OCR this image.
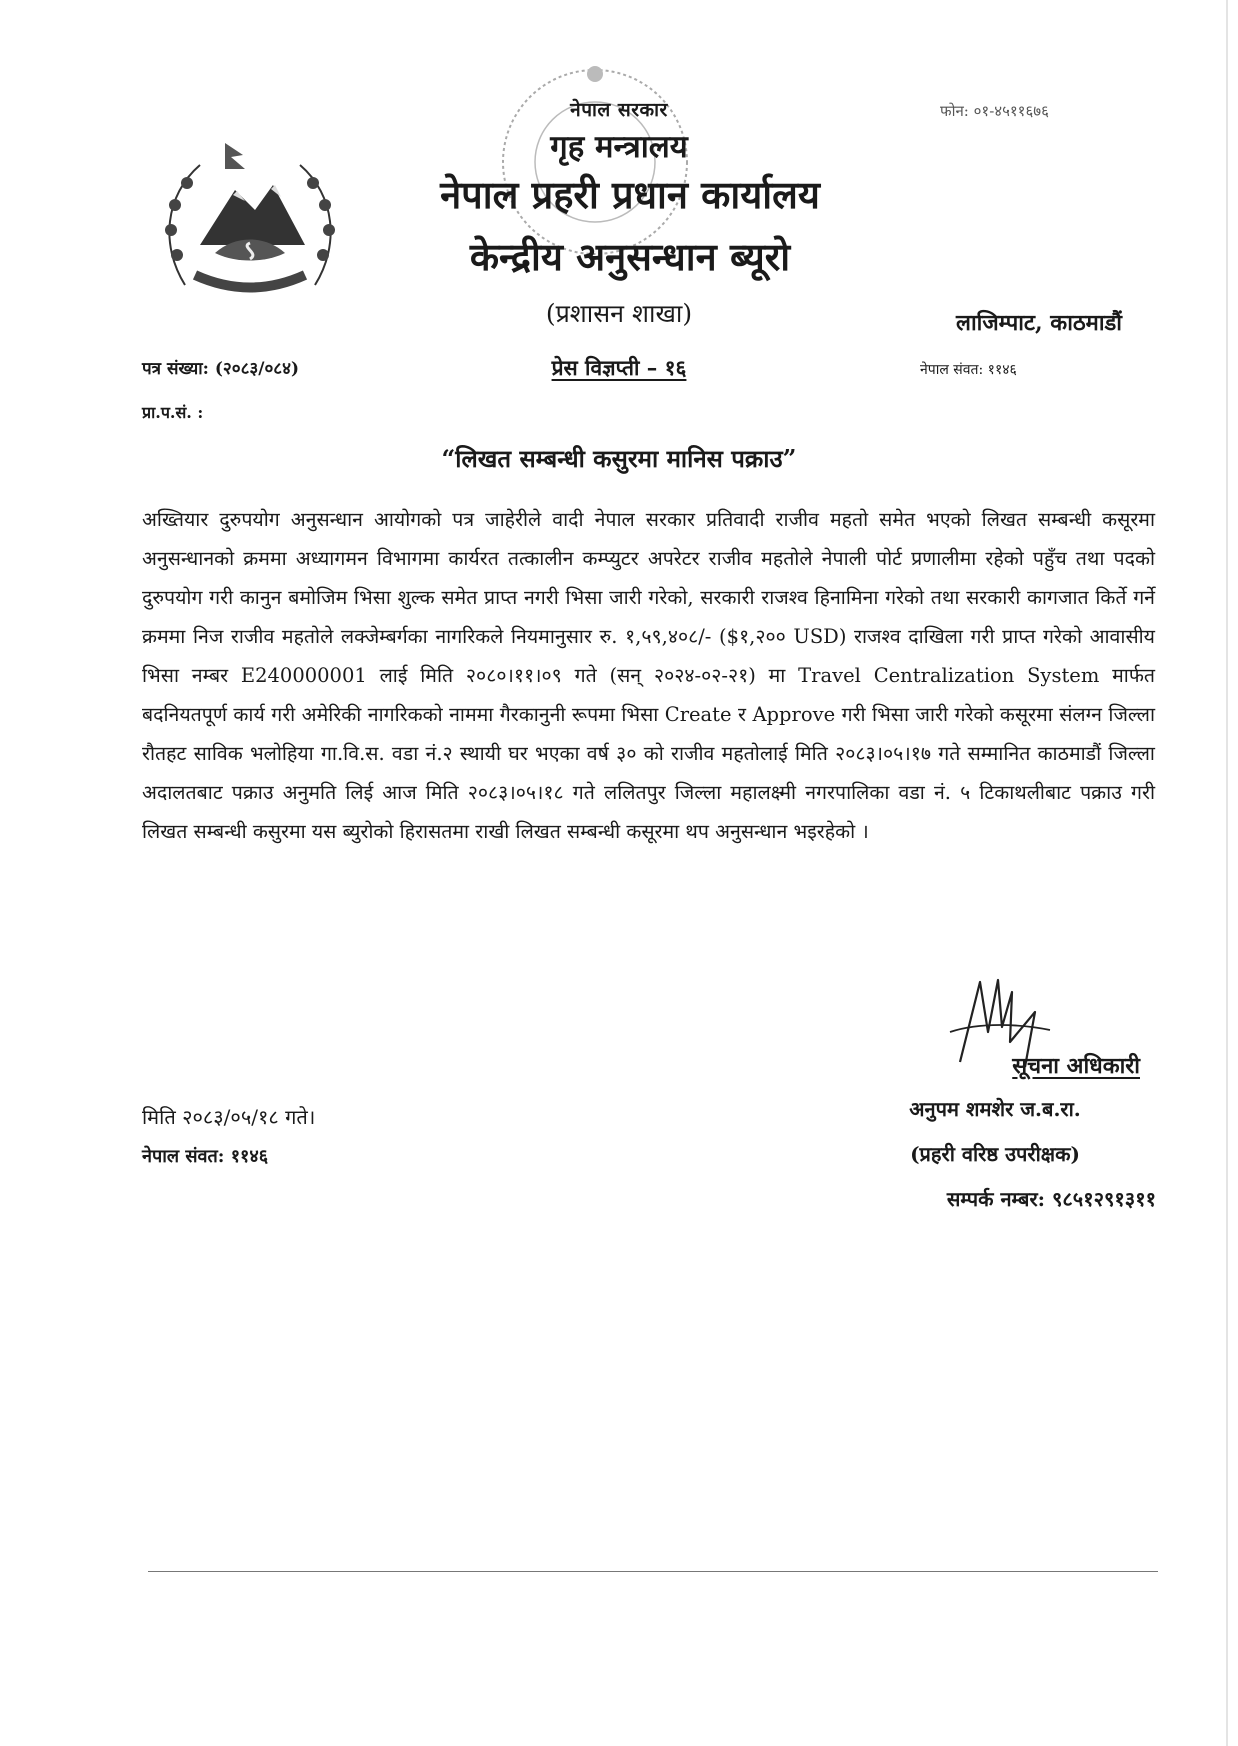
नेपाल सरकार
गृह मन्त्रालय
नेपाल प्रहरी प्रधान कार्यालय
केन्द्रीय अनुसन्धान ब्यूरो
(प्रशासन शाखा)
फोन: ०१-४५११६७६
लाजिम्पाट, काठमाडौं
पत्र संख्या: (२०८३/०८४)	प्रेस विज्ञप्ती – १६	नेपाल संवत: ११४६
प्रा.प.सं. :
“लिखत सम्बन्धी कसुरमा मानिस पक्राउ”
अख्तियार दुरुपयोग अनुसन्धान आयोगको पत्र जाहेरीले वादी नेपाल सरकार प्रतिवादी राजीव महतो समेत भएको लिखत सम्बन्धी कसूरमा अनुसन्धानको क्रममा अध्यागमन विभागमा कार्यरत तत्कालीन कम्प्युटर अपरेटर राजीव महतोले नेपाली पोर्ट प्रणालीमा रहेको पहुँच तथा पदको दुरुपयोग गरी कानुन बमोजिम भिसा शुल्क समेत प्राप्त नगरी भिसा जारी गरेको, सरकारी राजश्व हिनामिना गरेको तथा सरकारी कागजात किर्ते गर्ने क्रममा निज राजीव महतोले लक्जेम्बर्गका नागरिकले नियमानुसार रु. १,५९,४०८/- ($१,२०० USD) राजश्व दाखिला गरी प्राप्त गरेको आवासीय भिसा नम्बर E240000001 लाई मिति २०८०।११।०९ गते (सन् २०२४-०२-२१) मा Travel Centralization System मार्फत बदनियतपूर्ण कार्य गरी अमेरिकी नागरिकको नाममा गैरकानुनी रूपमा भिसा Create र Approve गरी भिसा जारी गरेको कसूरमा संलग्न जिल्ला रौतहट साविक भलोहिया गा.वि.स. वडा नं.२ स्थायी घर भएका वर्ष ३० को राजीव महतोलाई मिति २०८३।०५।१७ गते सम्मानित काठमाडौं जिल्ला अदालतबाट पक्राउ अनुमति लिई आज मिति २०८३।०५।१८ गते ललितपुर जिल्ला महालक्ष्मी नगरपालिका वडा नं. ५ टिकाथलीबाट पक्राउ गरी लिखत सम्बन्धी कसुरमा यस ब्युरोको हिरासतमा राखी लिखत सम्बन्धी कसूरमा थप अनुसन्धान भइरहेको ।
सूचना अधिकारी
अनुपम शमशेर ज.ब.रा.
(प्रहरी वरिष्ठ उपरीक्षक)
सम्पर्क नम्बर: ९८५१२९१३११
मिति २०८३/०५/१८ गते।
नेपाल संवत: ११४६
